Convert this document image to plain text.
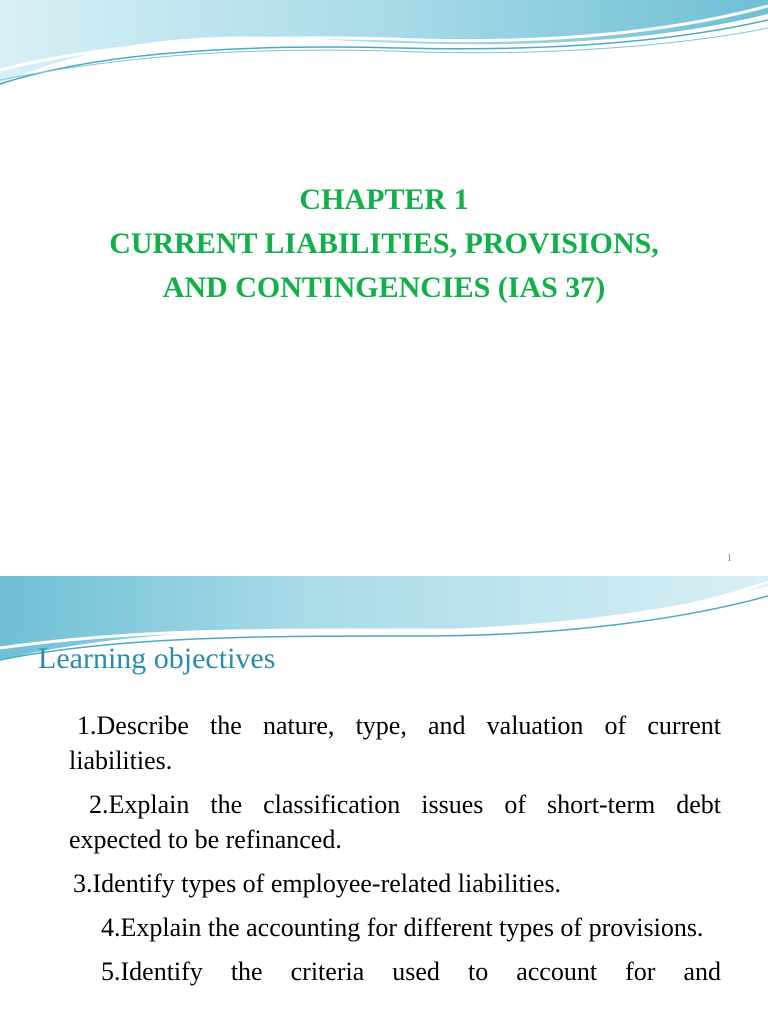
CHAPTER 1
CURRENT LIABILITIES, PROVISIONS,
AND CONTINGENCIES (IAS 37)
1
Learning objectives
1.Describe the nature, type, and valuation of current liabilities.
2.Explain the classification issues of short-term debt expected to be refinanced.
3.Identify types of employee-related liabilities.
4.Explain the accounting for different types of provisions.
5.Identify the criteria used to account for and
